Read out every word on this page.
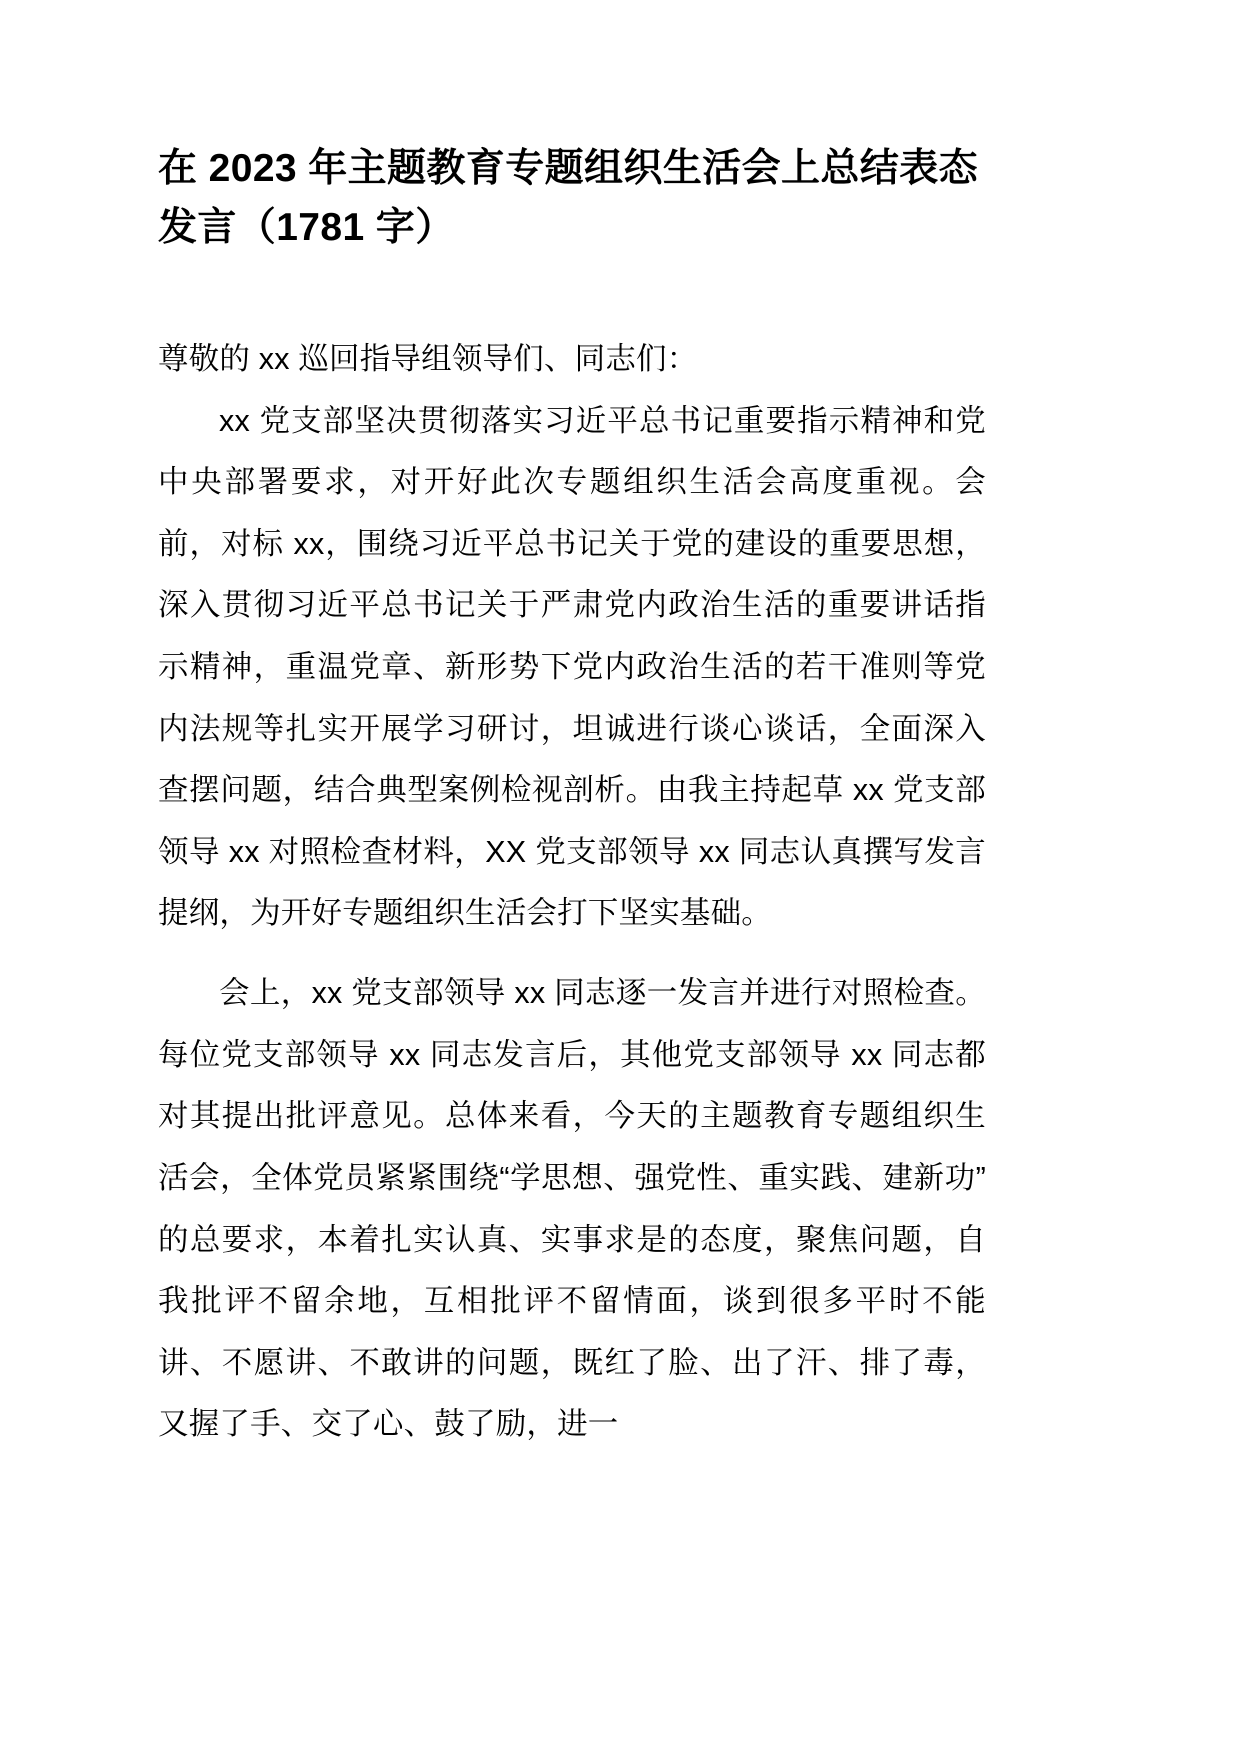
在 2023 年主题教育专题组织生活会上总结表态发言（1781 字）

尊敬的 xx 巡回指导组领导们、同志们：

xx 党支部坚决贯彻落实习近平总书记重要指示精神和党中央部署要求，对开好此次专题组织生活会高度重视。会前，对标 xx，围绕习近平总书记关于党的建设的重要思想，深入贯彻习近平总书记关于严肃党内政治生活的重要讲话指示精神，重温党章、新形势下党内政治生活的若干准则等党内法规等扎实开展学习研讨，坦诚进行谈心谈话，全面深入查摆问题，结合典型案例检视剖析。由我主持起草 xx 党支部领导 xx 对照检查材料，XX 党支部领导 xx 同志认真撰写发言提纲，为开好专题组织生活会打下坚实基础。

会上，xx 党支部领导 xx 同志逐一发言并进行对照检查。每位党支部领导 xx 同志发言后，其他党支部领导 xx 同志都对其提出批评意见。总体来看，今天的主题教育专题组织生活会，全体党员紧紧围绕“学思想、强党性、重实践、建新功”的总要求，本着扎实认真、实事求是的态度，聚焦问题，自我批评不留余地，互相批评不留情面，谈到很多平时不能讲、不愿讲、不敢讲的问题，既红了脸、出了汗、排了毒，又握了手、交了心、鼓了励，进一
